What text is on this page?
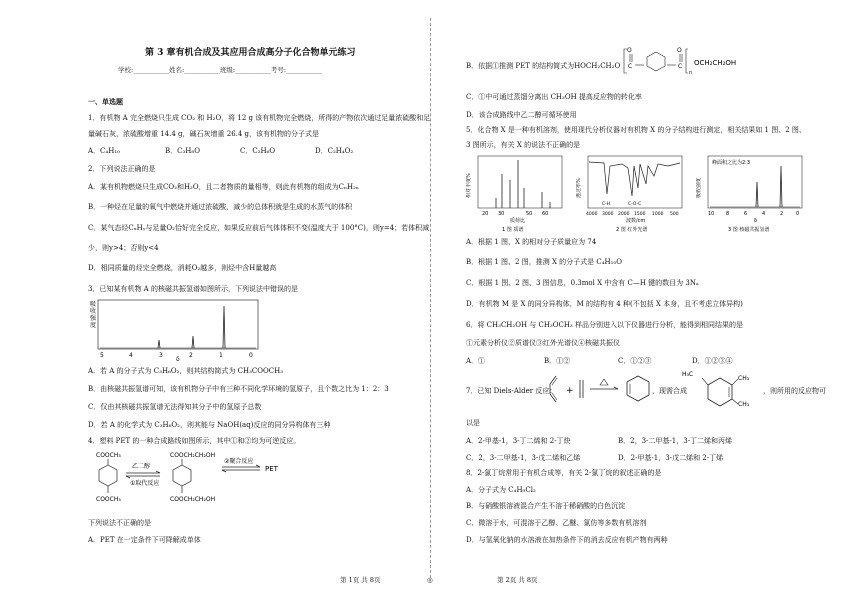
第 3 章有机合成及其应用合成高分子化合物单元练习
学校:___________姓名:___________班级:___________考号:___________
一、单选题
1．有机物 A 完全燃烧只生成 CO₂ 和 H₂O，将 12 g 该有机物完全燃烧，所得的产物依次通过足量浓硫酸和足
量碱石灰，浓硫酸增重 14.4 g，碱石灰增重 26.4 g，该有机物的分子式是
A．C₄H₁₀	B．C₃H₈O	C．C₂H₆O	D．C₂H₄O₂
2．下列说法正确的是
A．某有机物燃烧只生成CO₂和H₂O，且二者物质的量相等，则此有机物的组成为CₙH₂ₙ
B．一种烃在足量的氧气中燃烧并通过浓硫酸，减少的总体积就是生成的水蒸气的体积
C．某气态烃CₓHᵧ与足量O₂恰好完全反应，如果反应前后气体体积不变(温度大于 100°C)，则y=4；若体积减
少，则y>4；否则y<4
D．相同质量的烃完全燃烧，消耗O₂越多，则烃中含H量越高
3．已知某有机物 A 的核磁共振氢谱如图所示，下列说法中错误的是
吸
收
强
度
5	4	3	2	1	0
δ
A．若 A 的分子式为 C₃H₆O₂，则其结构简式为 CH₃COOCH₃
B．由核磁共振氢谱可知，该有机物分子中有三种不同化学环境的氢原子，且个数之比为 1：2：3
C．仅由其核磁共振氢谱无法得知其分子中的氢原子总数
D．若 A 的化学式为 C₃H₆O₂，则其能与 NaOH(aq)反应的同分异构体有三种
4．塑料 PET 的一种合成路线如图所示，其中①和②均为可逆反应。
COOCH₃
COOCH₃
乙二醇
①取代反应
COOCH₂CH₂OH
COOCH₂CH₂OH
②聚合反应
PET
下列说法不正确的是
A．PET 在一定条件下可降解成单体
第 1页 共 8页	◎
B．依据①推测 PET 的结构简式为HOCH₂CH₂O
O
C
O
C
n
OCH₂CH₂OH
C．①中可通过蒸馏分离出 CH₃OH 提高反应物的转化率
D．该合成路线中乙二醇可循环使用
5．化合物 X 是一种有机溶剂，使用现代分析仪器对有机物 X 的分子结构进行测定，相关结果如 1 图、2 图、
3 图所示，有关 X 的说法不正确的是
相对丰度%
20 30	50 60
质荷比
1 图 质谱
透过率%
C-H	C-O-C
4000 3000 2000 1500 1000 500
波数/cm
2 图 红外光谱
吸收强度
峰面积之比为2:3
10 8	6	4	2	0
δ
3 图 核磁共振氢谱
A．根据 1 图，X 的相对分子质量应为 74
B．根据 1 图、2 图，推测 X 的分子式是 C₄H₁₀O
C．根据 1 图、2 图、3 图信息，0.3mol X 中含有 C—H 键的数目为 3Nₐ
D．有机物 M 是 X 的同分异构体，M 的结构有 4 种(不包括 X 本身，且不考虑立体异构)
6．将 CH₃CH₂OH 与 CH₃OCH₃ 样品分别进入以下仪器进行分析，能得到相同结果的是
①元素分析仪②质谱仪③红外光谱仪④核磁共振仪
A．①	B．①②	C．①②③	D．①②③④
7．已知 Diels-Alder 反应： +	，现需合成
H₃C
CH₃
CH₃
，则所用的反应物可
以是
A．2-甲基-1，3-丁二烯和 2-丁炔	B．2，3-二甲基-1，3-丁二烯和丙烯
C．2，3-二甲基-1，3-戊二烯和乙烯	D．2-甲基-1，3-戊二烯和 2-丁烯
8．2-氯丁烷常用于有机合成等，有关 2-氯丁烷的叙述正确的是
A．分子式为 C₄H₉Cl₂
B．与硝酸银溶液混合产生不溶于稀硝酸的白色沉淀
C．微溶于水，可混溶于乙醇、乙醚、氯仿等多数有机溶剂
D．与氢氧化钠的水溶液在加热条件下的消去反应有机产物有两种
第 2页 共 8页
